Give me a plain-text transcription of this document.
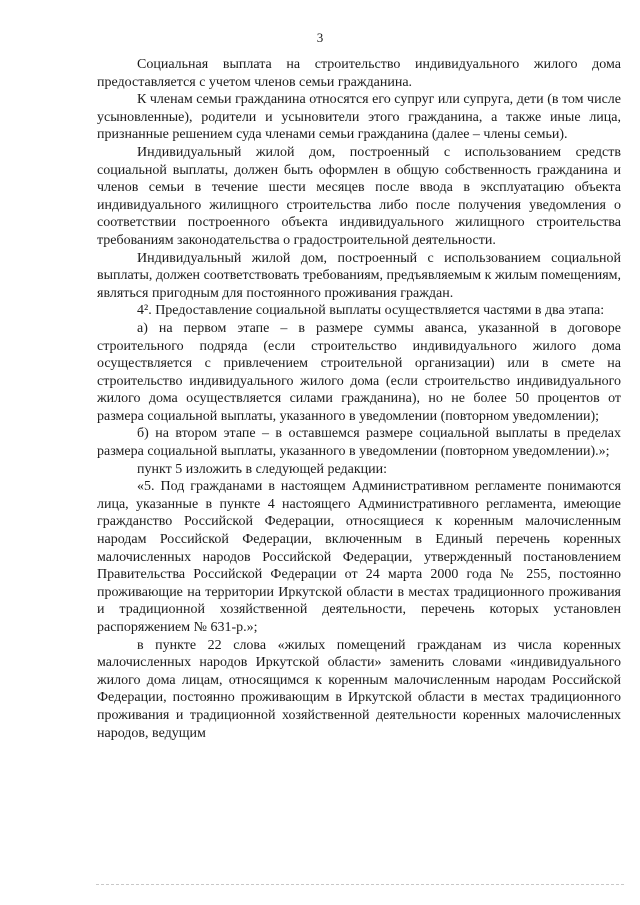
3

Социальная выплата на строительство индивидуального жилого дома предоставляется с учетом членов семьи гражданина.

К членам семьи гражданина относятся его супруг или супруга, дети (в том числе усыновленные), родители и усыновители этого гражданина, а также иные лица, признанные решением суда членами семьи гражданина (далее – члены семьи).

Индивидуальный жилой дом, построенный с использованием средств социальной выплаты, должен быть оформлен в общую собственность гражданина и членов семьи в течение шести месяцев после ввода в эксплуатацию объекта индивидуального жилищного строительства либо после получения уведомления о соответствии построенного объекта индивидуального жилищного строительства требованиям законодательства о градостроительной деятельности.

Индивидуальный жилой дом, построенный с использованием социальной выплаты, должен соответствовать требованиям, предъявляемым к жилым помещениям, являться пригодным для постоянного проживания граждан.

4². Предоставление социальной выплаты осуществляется частями в два этапа:

а) на первом этапе – в размере суммы аванса, указанной в договоре строительного подряда (если строительство индивидуального жилого дома осуществляется с привлечением строительной организации) или в смете на строительство индивидуального жилого дома (если строительство индивидуального жилого дома осуществляется силами гражданина), но не более 50 процентов от размера социальной выплаты, указанного в уведомлении (повторном уведомлении);

б) на втором этапе – в оставшемся размере социальной выплаты в пределах размера социальной выплаты, указанного в уведомлении (повторном уведомлении).»;

пункт 5 изложить в следующей редакции:

«5. Под гражданами в настоящем Административном регламенте понимаются лица, указанные в пункте 4 настоящего Административного регламента, имеющие гражданство Российской Федерации, относящиеся к коренным малочисленным народам Российской Федерации, включенным в Единый перечень коренных малочисленных народов Российской Федерации, утвержденный постановлением Правительства Российской Федерации от 24 марта 2000 года № 255, постоянно проживающие на территории Иркутской области в местах традиционного проживания и традиционной хозяйственной деятельности, перечень которых установлен распоряжением № 631-р.»;

в пункте 22 слова «жилых помещений гражданам из числа коренных малочисленных народов Иркутской области» заменить словами «индивидуального жилого дома лицам, относящимся к коренным малочисленным народам Российской Федерации, постоянно проживающим в Иркутской области в местах традиционного проживания и традиционной хозяйственной деятельности коренных малочисленных народов, ведущим
